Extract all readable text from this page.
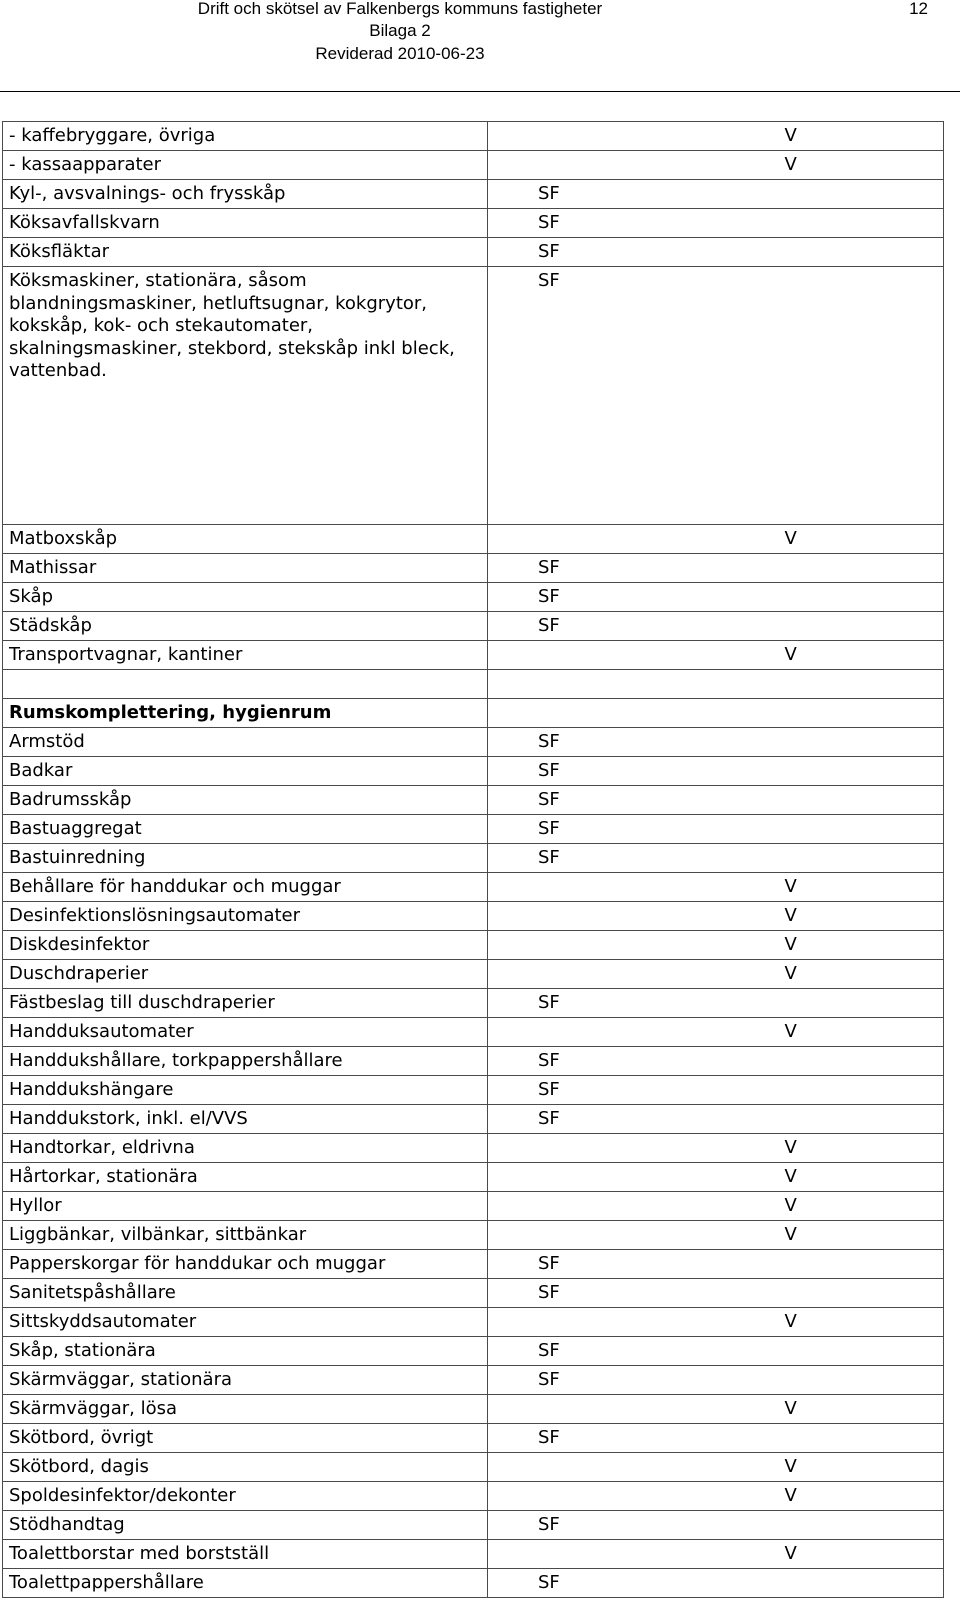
Drift och skötsel av Falkenbergs kommuns fastigheter
Bilaga 2
Reviderad 2010-06-23
12
- kaffebryggare, övriga		V
- kassaapparater		V
Kyl-, avsvalnings- och frysskåp	SF	
Köksavfallskvarn	SF	
Köksfläktar	SF	
Köksmaskiner, stationära, såsom blandningsmaskiner, hetluftsugnar, kokgrytor, kokskåp, kok- och stekautomater, skalningsmaskiner, stekbord, stekskåp inkl bleck, vattenbad.	SF	
Matboxskåp		V
Mathissar	SF	
Skåp	SF	
Städskåp	SF	
Transportvagnar, kantiner		V

Rumskomplettering, hygienrum		
Armstöd	SF	
Badkar	SF	
Badrumsskåp	SF	
Bastuaggregat	SF	
Bastuinredning	SF	
Behållare för handdukar och muggar		V
Desinfektionslösningsautomater		V
Diskdesinfektor		V
Duschdraperier		V
Fästbeslag till duschdraperier	SF	
Handduksautomater		V
Handdukshållare, torkpappershållare	SF	
Handdukshängare	SF	
Handdukstork, inkl. el/VVS	SF	
Handtorkar, eldrivna		V
Hårtorkar, stationära		V
Hyllor		V
Liggbänkar, vilbänkar, sittbänkar		V
Papperskorgar för handdukar och muggar	SF	
Sanitetspåshållare	SF	
Sittskyddsautomater		V
Skåp, stationära	SF	
Skärmväggar, stationära	SF	
Skärmväggar, lösa		V
Skötbord, övrigt	SF	
Skötbord, dagis		V
Spoldesinfektor/dekonter		V
Stödhandtag	SF	
Toalettborstar med borstställ		V
Toalettpappershållare	SF	
